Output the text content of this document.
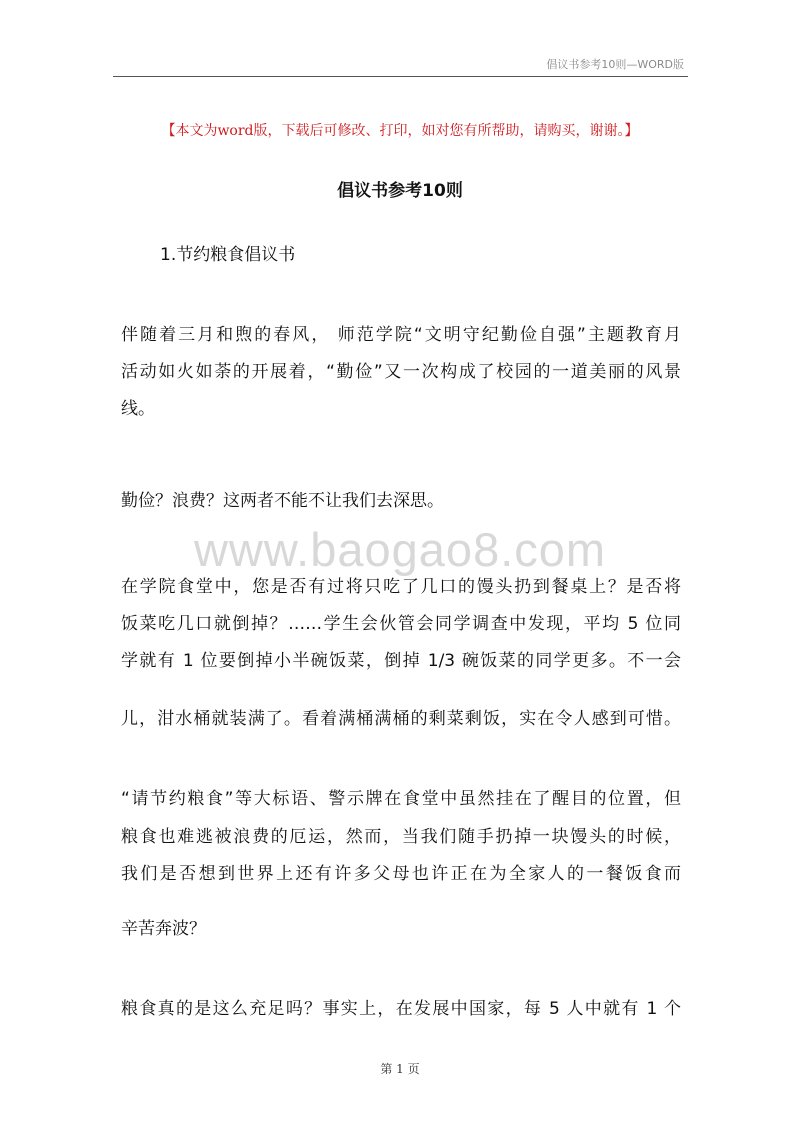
倡议书参考10则—WORD版
【本文为word版，下载后可修改、打印，如对您有所帮助，请购买，谢谢。】
倡议书参考10则
1.节约粮食倡议书
伴随着三月和煦的春风， 师范学院“文明守纪勤俭自强”主题教育月
活动如火如荼的开展着，“勤俭”又一次构成了校园的一道美丽的风景
线。
勤俭？浪费？这两者不能不让我们去深思。
www.baogao8.com
在学院食堂中，您是否有过将只吃了几口的馒头扔到餐桌上？是否将
饭菜吃几口就倒掉？……学生会伙管会同学调查中发现，平均 5 位同
学就有 1 位要倒掉小半碗饭菜，倒掉 1/3 碗饭菜的同学更多。不一会
儿，泔水桶就装满了。看着满桶满桶的剩菜剩饭，实在令人感到可惜。
“请节约粮食”等大标语、警示牌在食堂中虽然挂在了醒目的位置，但
粮食也难逃被浪费的厄运，然而，当我们随手扔掉一块馒头的时候，
我们是否想到世界上还有许多父母也许正在为全家人的一餐饭食而
辛苦奔波？
粮食真的是这么充足吗？事实上，在发展中国家，每 5 人中就有 1 个
第 1 页
